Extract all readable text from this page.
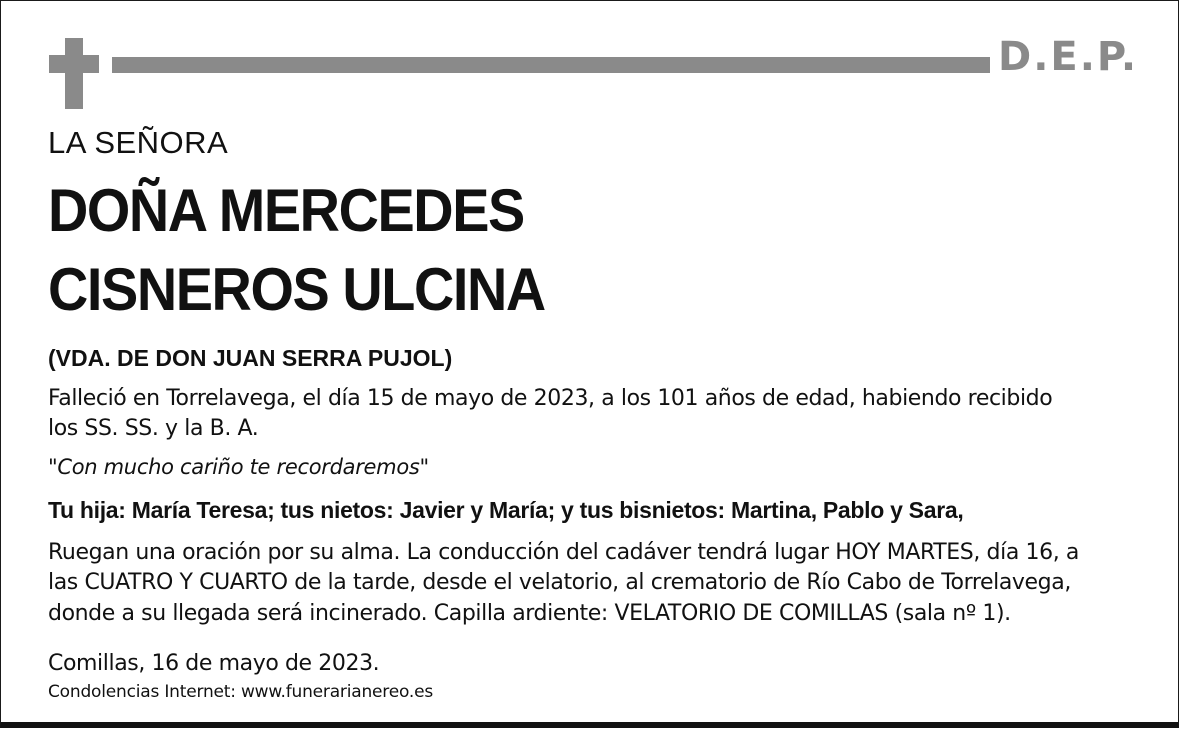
D.E.P.
LA SEÑORA
DOÑA MERCEDES
CISNEROS ULCINA
(VDA. DE DON JUAN SERRA PUJOL)
Falleció en Torrelavega, el día 15 de mayo de 2023, a los 101 años de edad, habiendo recibido
los SS. SS. y la B. A.
"Con mucho cariño te recordaremos"
Tu hija: María Teresa; tus nietos: Javier y María; y tus bisnietos: Martina, Pablo y Sara,
Ruegan una oración por su alma. La conducción del cadáver tendrá lugar HOY MARTES, día 16, a
las CUATRO Y CUARTO de la tarde, desde el velatorio, al crematorio de Río Cabo de Torrelavega,
donde a su llegada será incinerado. Capilla ardiente: VELATORIO DE COMILLAS (sala nº 1).
Comillas, 16 de mayo de 2023.
Condolencias Internet: www.funerarianereo.es
